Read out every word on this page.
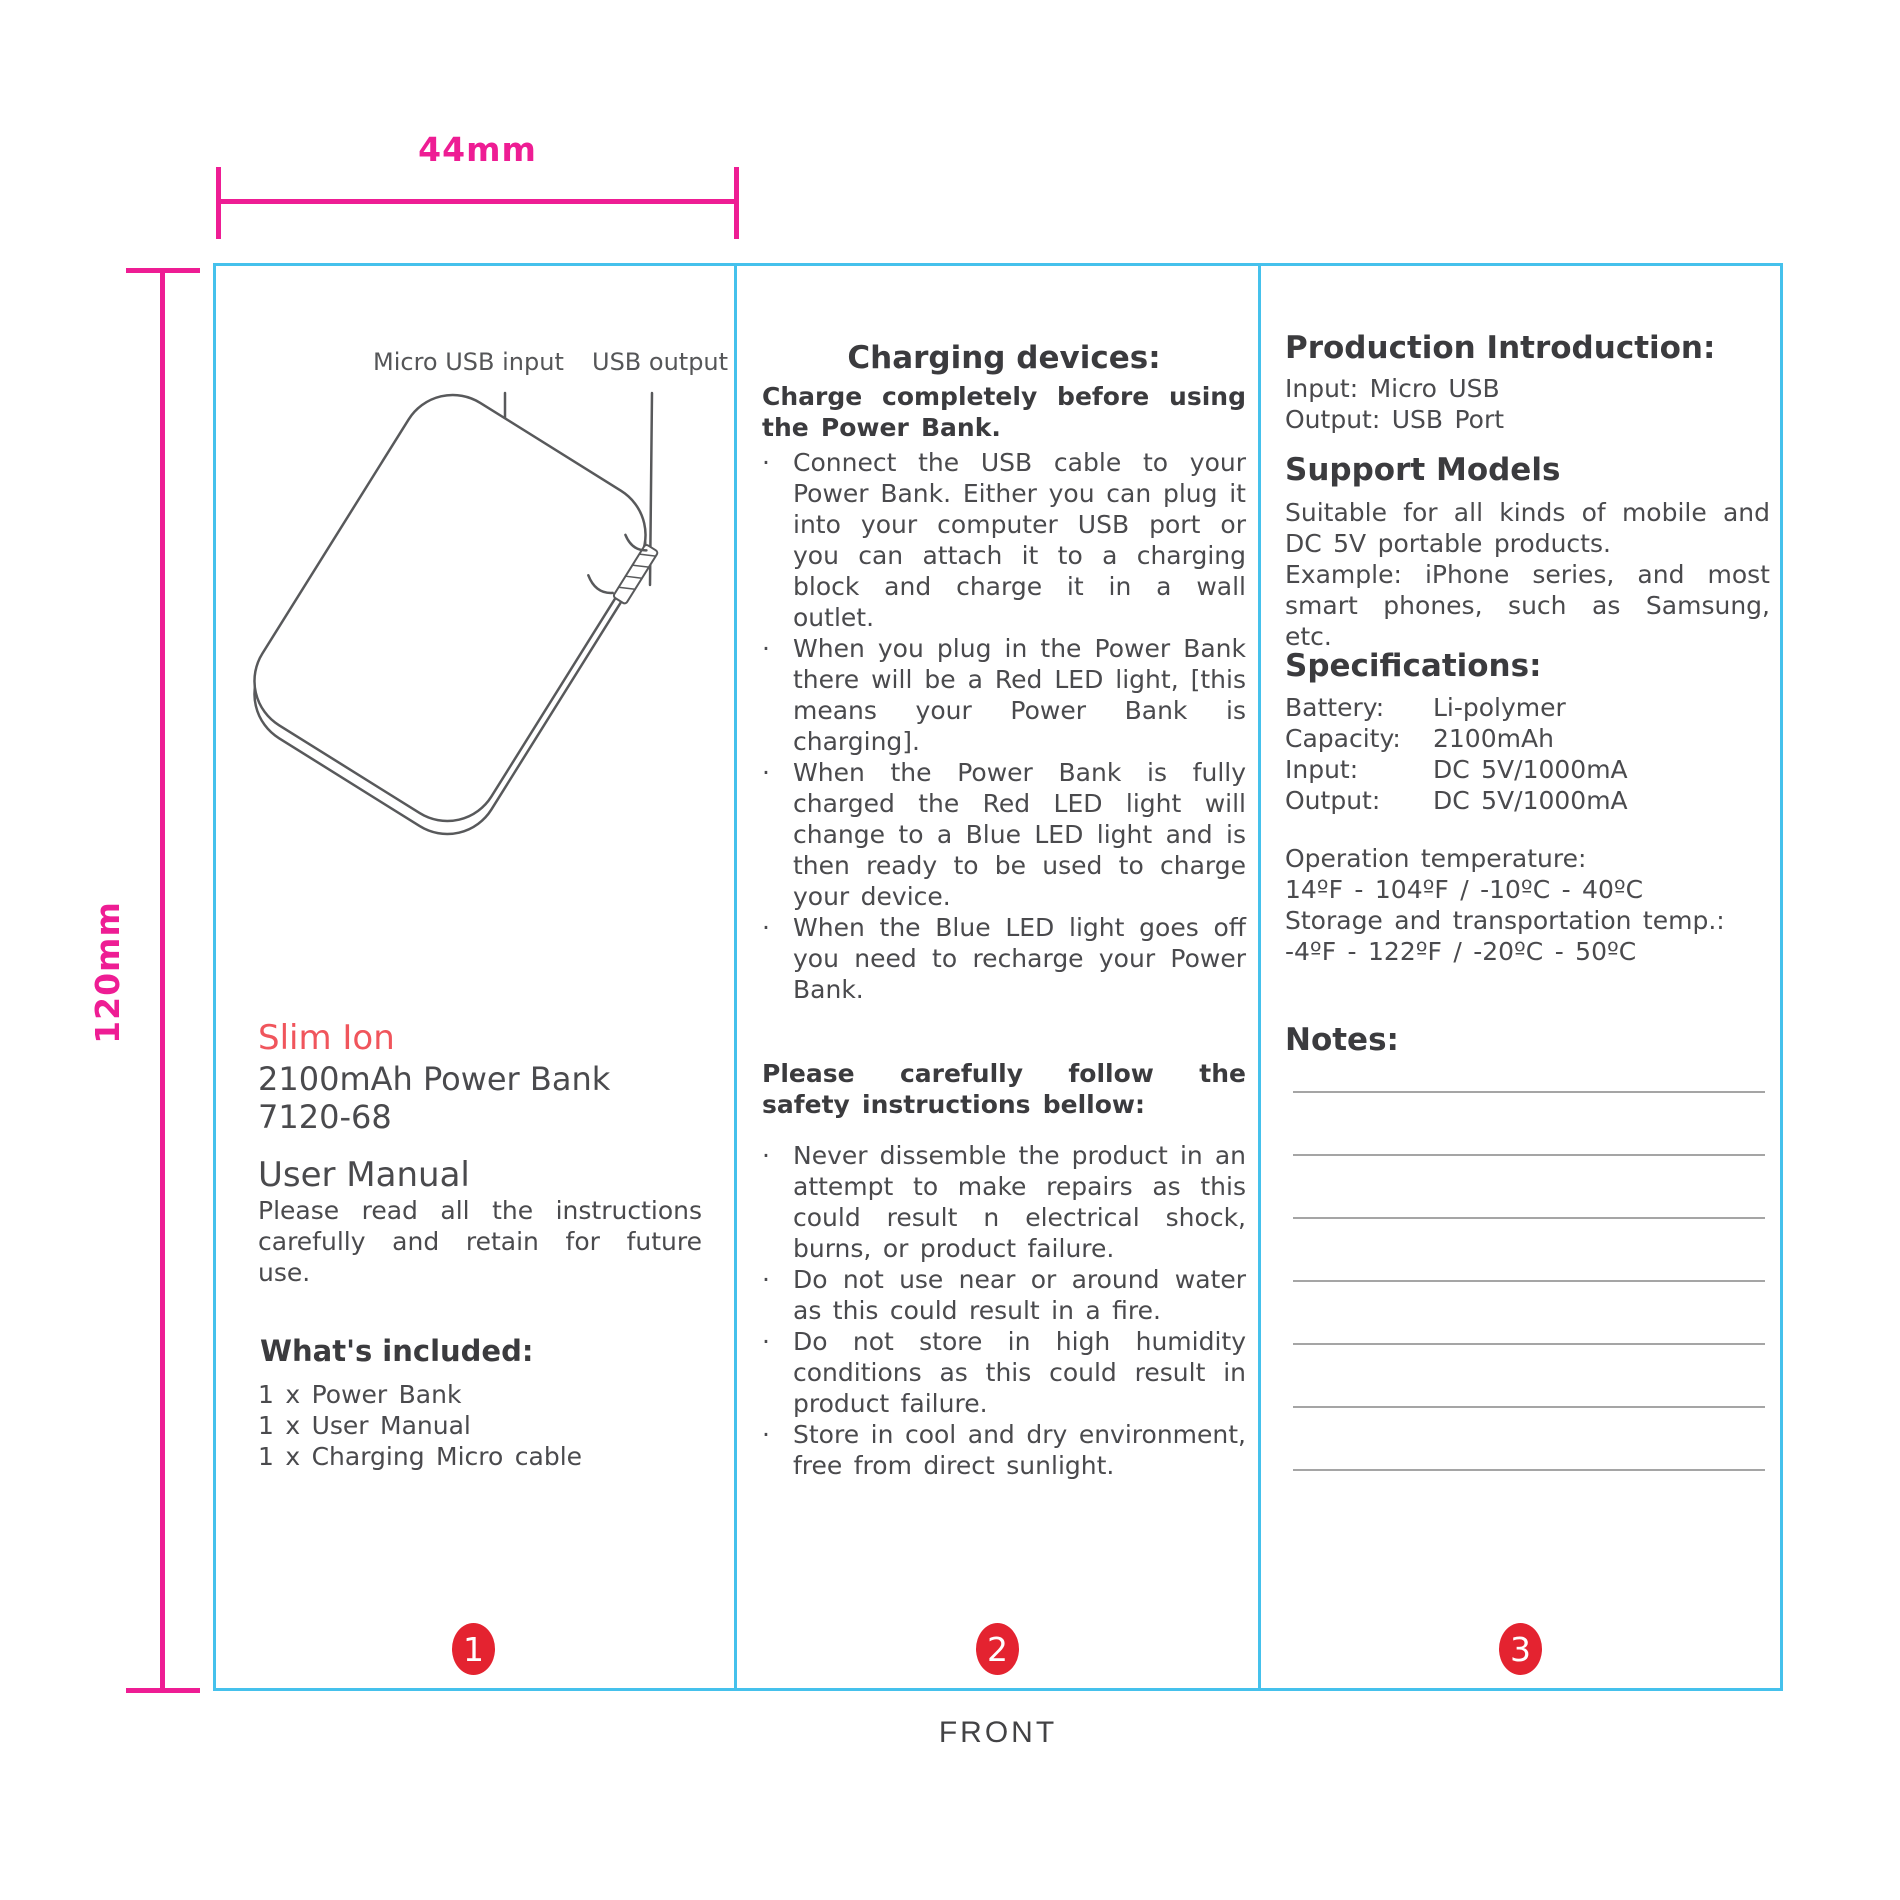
44mm
120mm
Micro USB input USB output
Slim Ion
2100mAh Power Bank
7120-68
User Manual
Please read all the instructions carefully and retain for future use.
What's included:
1 x Power Bank
1 x User Manual
1 x Charging Micro cable
Charging devices:
Charge completely before using the Power Bank.
· Connect the USB cable to your Power Bank. Either you can plug it into your computer USB port or you can attach it to a charging block and charge it in a wall outlet.
· When you plug in the Power Bank there will be a Red LED light, [this means your Power Bank is charging].
· When the Power Bank is fully charged the Red LED light will change to a Blue LED light and is then ready to be used to charge your device.
· When the Blue LED light goes off you need to recharge your Power Bank.
Please carefully follow the safety instructions bellow:
· Never dissemble the product in an attempt to make repairs as this could result n electrical shock, burns, or product failure.
· Do not use near or around water as this could result in a fire.
· Do not store in high humidity conditions as this could result in product failure.
· Store in cool and dry environment, free from direct sunlight.
Production Introduction:
Input: Micro USB
Output: USB Port
Support Models
Suitable for all kinds of mobile and DC 5V portable products.
Example: iPhone series, and most smart phones, such as Samsung, etc.
Specifications:
Battery:	Li-polymer
Capacity:	2100mAh
Input:	DC 5V/1000mA
Output:	DC 5V/1000mA
Operation temperature:
14ºF - 104ºF / -10ºC - 40ºC
Storage and transportation temp.:
-4ºF - 122ºF / -20ºC - 50ºC
Notes:
1	2	3
FRONT
